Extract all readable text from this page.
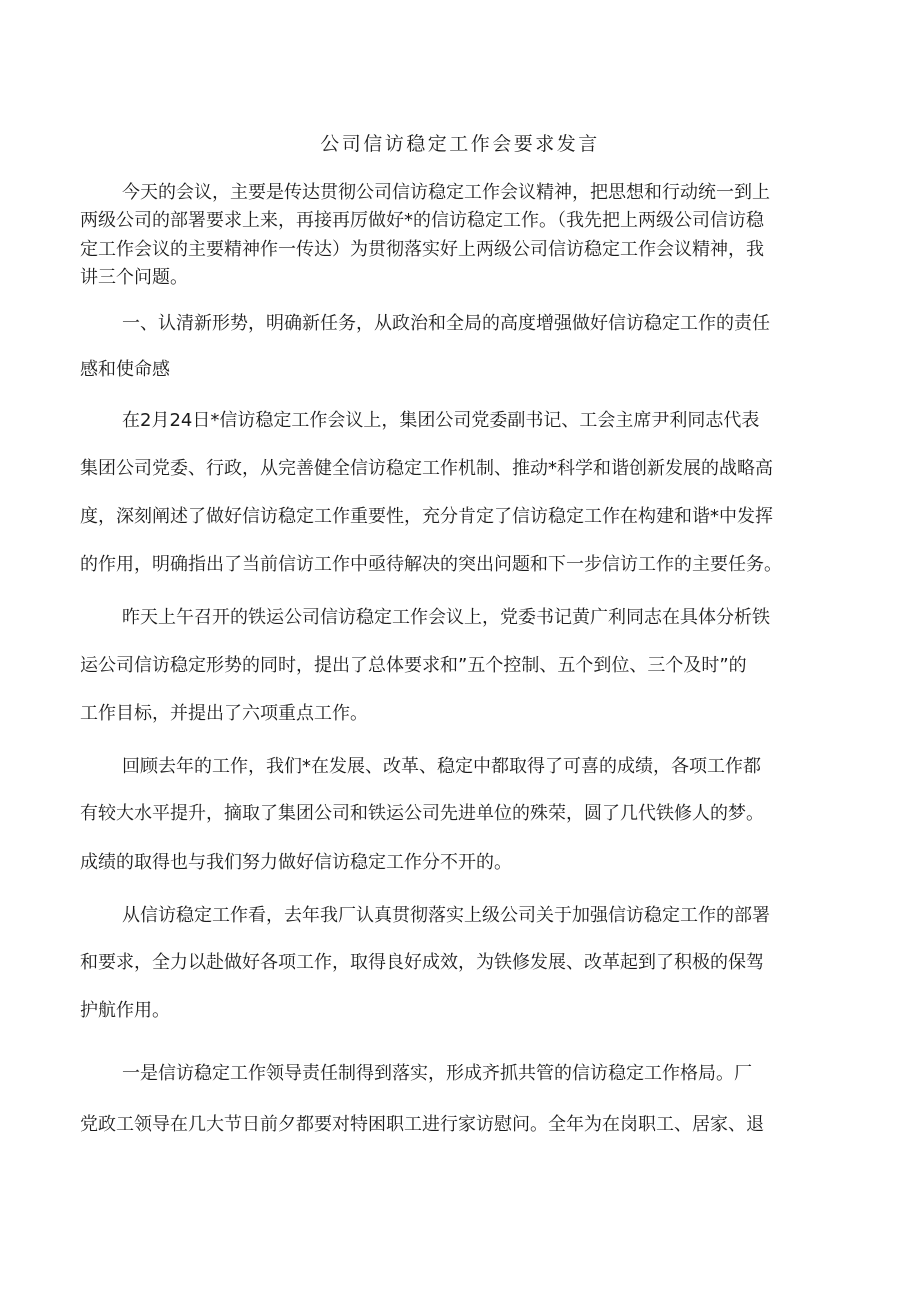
公司信访稳定工作会要求发言
今天的会议，主要是传达贯彻公司信访稳定工作会议精神，把思想和行动统一到上
两级公司的部署要求上来，再接再厉做好*的信访稳定工作。（我先把上两级公司信访稳
定工作会议的主要精神作一传达）为贯彻落实好上两级公司信访稳定工作会议精神，我
讲三个问题。
一、认清新形势，明确新任务，从政治和全局的高度增强做好信访稳定工作的责任
感和使命感
在2月24日*信访稳定工作会议上，集团公司党委副书记、工会主席尹利同志代表
集团公司党委、行政，从完善健全信访稳定工作机制、推动*科学和谐创新发展的战略高
度，深刻阐述了做好信访稳定工作重要性，充分肯定了信访稳定工作在构建和谐*中发挥
的作用，明确指出了当前信访工作中亟待解决的突出问题和下一步信访工作的主要任务。
昨天上午召开的铁运公司信访稳定工作会议上，党委书记黄广利同志在具体分析铁
运公司信访稳定形势的同时，提出了总体要求和”五个控制、五个到位、三个及时”的
工作目标，并提出了六项重点工作。
回顾去年的工作，我们*在发展、改革、稳定中都取得了可喜的成绩，各项工作都
有较大水平提升，摘取了集团公司和铁运公司先进单位的殊荣，圆了几代铁修人的梦。
成绩的取得也与我们努力做好信访稳定工作分不开的。
从信访稳定工作看，去年我厂认真贯彻落实上级公司关于加强信访稳定工作的部署
和要求，全力以赴做好各项工作，取得良好成效，为铁修发展、改革起到了积极的保驾
护航作用。
一是信访稳定工作领导责任制得到落实，形成齐抓共管的信访稳定工作格局。厂
党政工领导在几大节日前夕都要对特困职工进行家访慰问。全年为在岗职工、居家、退
